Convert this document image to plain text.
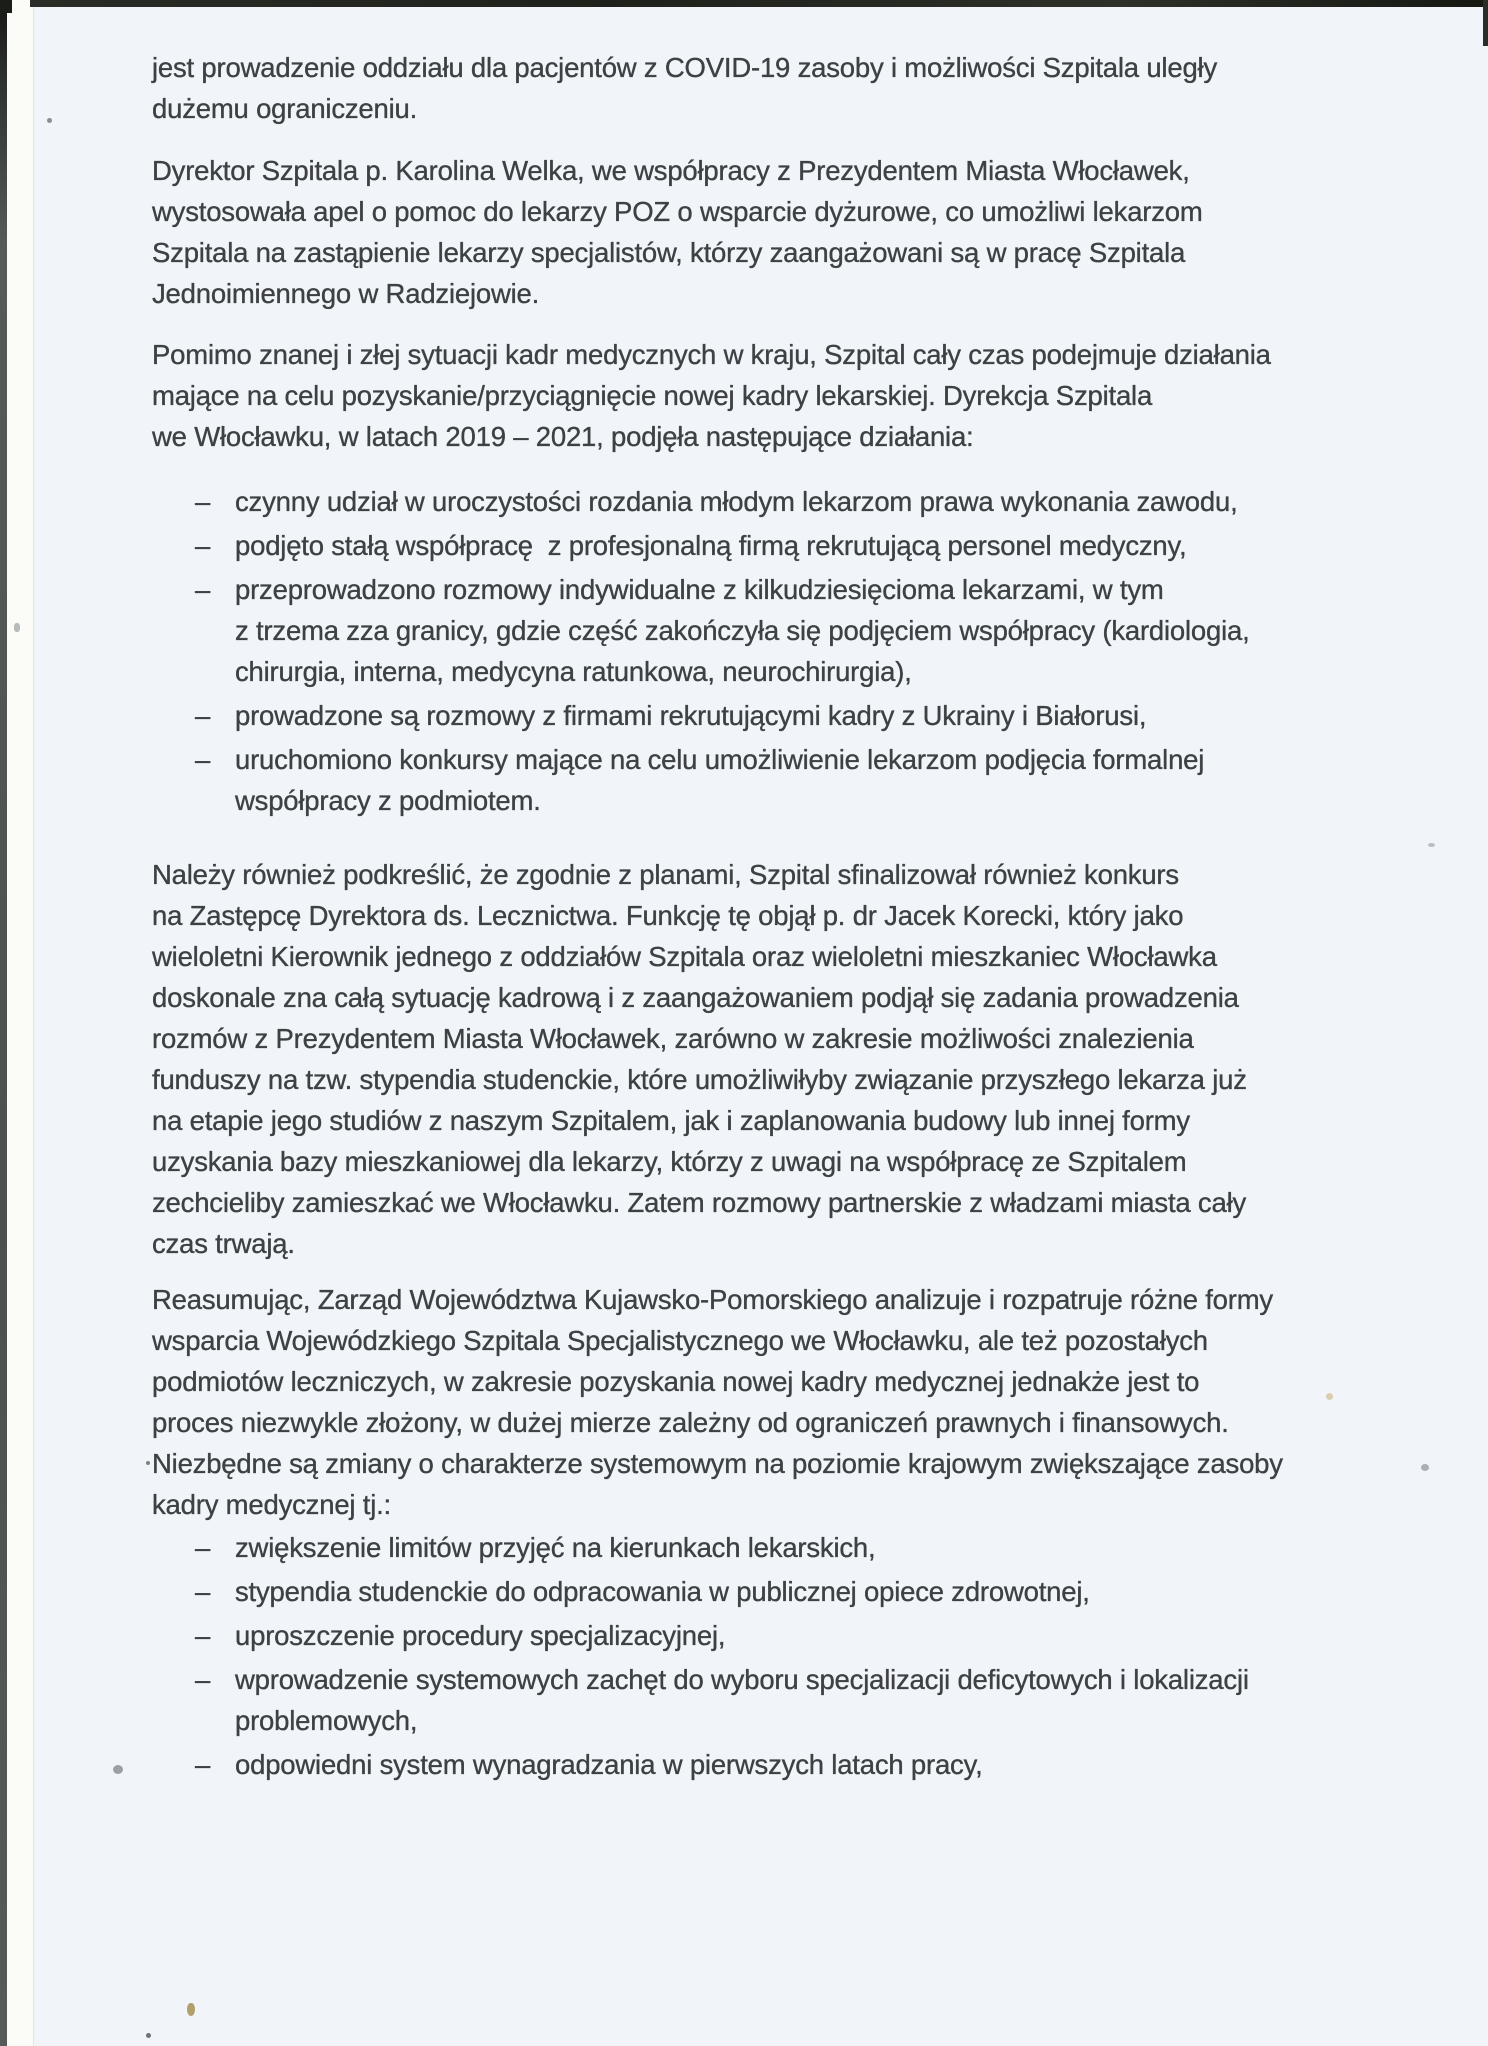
jest prowadzenie oddziału dla pacjentów z COVID-19 zasoby i możliwości Szpitala uległy
dużemu ograniczeniu.
Dyrektor Szpitala p. Karolina Welka, we współpracy z Prezydentem Miasta Włocławek,
wystosowała apel o pomoc do lekarzy POZ o wsparcie dyżurowe, co umożliwi lekarzom
Szpitala na zastąpienie lekarzy specjalistów, którzy zaangażowani są w pracę Szpitala
Jednoimiennego w Radziejowie.
Pomimo znanej i złej sytuacji kadr medycznych w kraju, Szpital cały czas podejmuje działania
mające na celu pozyskanie/przyciągnięcie nowej kadry lekarskiej. Dyrekcja Szpitala
we Włocławku, w latach 2019 – 2021, podjęła następujące działania:
– czynny udział w uroczystości rozdania młodym lekarzom prawa wykonania zawodu,
– podjęto stałą współpracę  z profesjonalną firmą rekrutującą personel medyczny,
– przeprowadzono rozmowy indywidualne z kilkudziesięcioma lekarzami, w tym
z trzema zza granicy, gdzie część zakończyła się podjęciem współpracy (kardiologia,
chirurgia, interna, medycyna ratunkowa, neurochirurgia),
– prowadzone są rozmowy z firmami rekrutującymi kadry z Ukrainy i Białorusi,
– uruchomiono konkursy mające na celu umożliwienie lekarzom podjęcia formalnej
współpracy z podmiotem.
Należy również podkreślić, że zgodnie z planami, Szpital sfinalizował również konkurs
na Zastępcę Dyrektora ds. Lecznictwa. Funkcję tę objął p. dr Jacek Korecki, który jako
wieloletni Kierownik jednego z oddziałów Szpitala oraz wieloletni mieszkaniec Włocławka
doskonale zna całą sytuację kadrową i z zaangażowaniem podjął się zadania prowadzenia
rozmów z Prezydentem Miasta Włocławek, zarówno w zakresie możliwości znalezienia
funduszy na tzw. stypendia studenckie, które umożliwiłyby związanie przyszłego lekarza już
na etapie jego studiów z naszym Szpitalem, jak i zaplanowania budowy lub innej formy
uzyskania bazy mieszkaniowej dla lekarzy, którzy z uwagi na współpracę ze Szpitalem
zechcieliby zamieszkać we Włocławku. Zatem rozmowy partnerskie z władzami miasta cały
czas trwają.
Reasumując, Zarząd Województwa Kujawsko-Pomorskiego analizuje i rozpatruje różne formy
wsparcia Wojewódzkiego Szpitala Specjalistycznego we Włocławku, ale też pozostałych
podmiotów leczniczych, w zakresie pozyskania nowej kadry medycznej jednakże jest to
proces niezwykle złożony, w dużej mierze zależny od ograniczeń prawnych i finansowych.
Niezbędne są zmiany o charakterze systemowym na poziomie krajowym zwiększające zasoby
kadry medycznej tj.:
– zwiększenie limitów przyjęć na kierunkach lekarskich,
– stypendia studenckie do odpracowania w publicznej opiece zdrowotnej,
– uproszczenie procedury specjalizacyjnej,
– wprowadzenie systemowych zachęt do wyboru specjalizacji deficytowych i lokalizacji
problemowych,
– odpowiedni system wynagradzania w pierwszych latach pracy,
